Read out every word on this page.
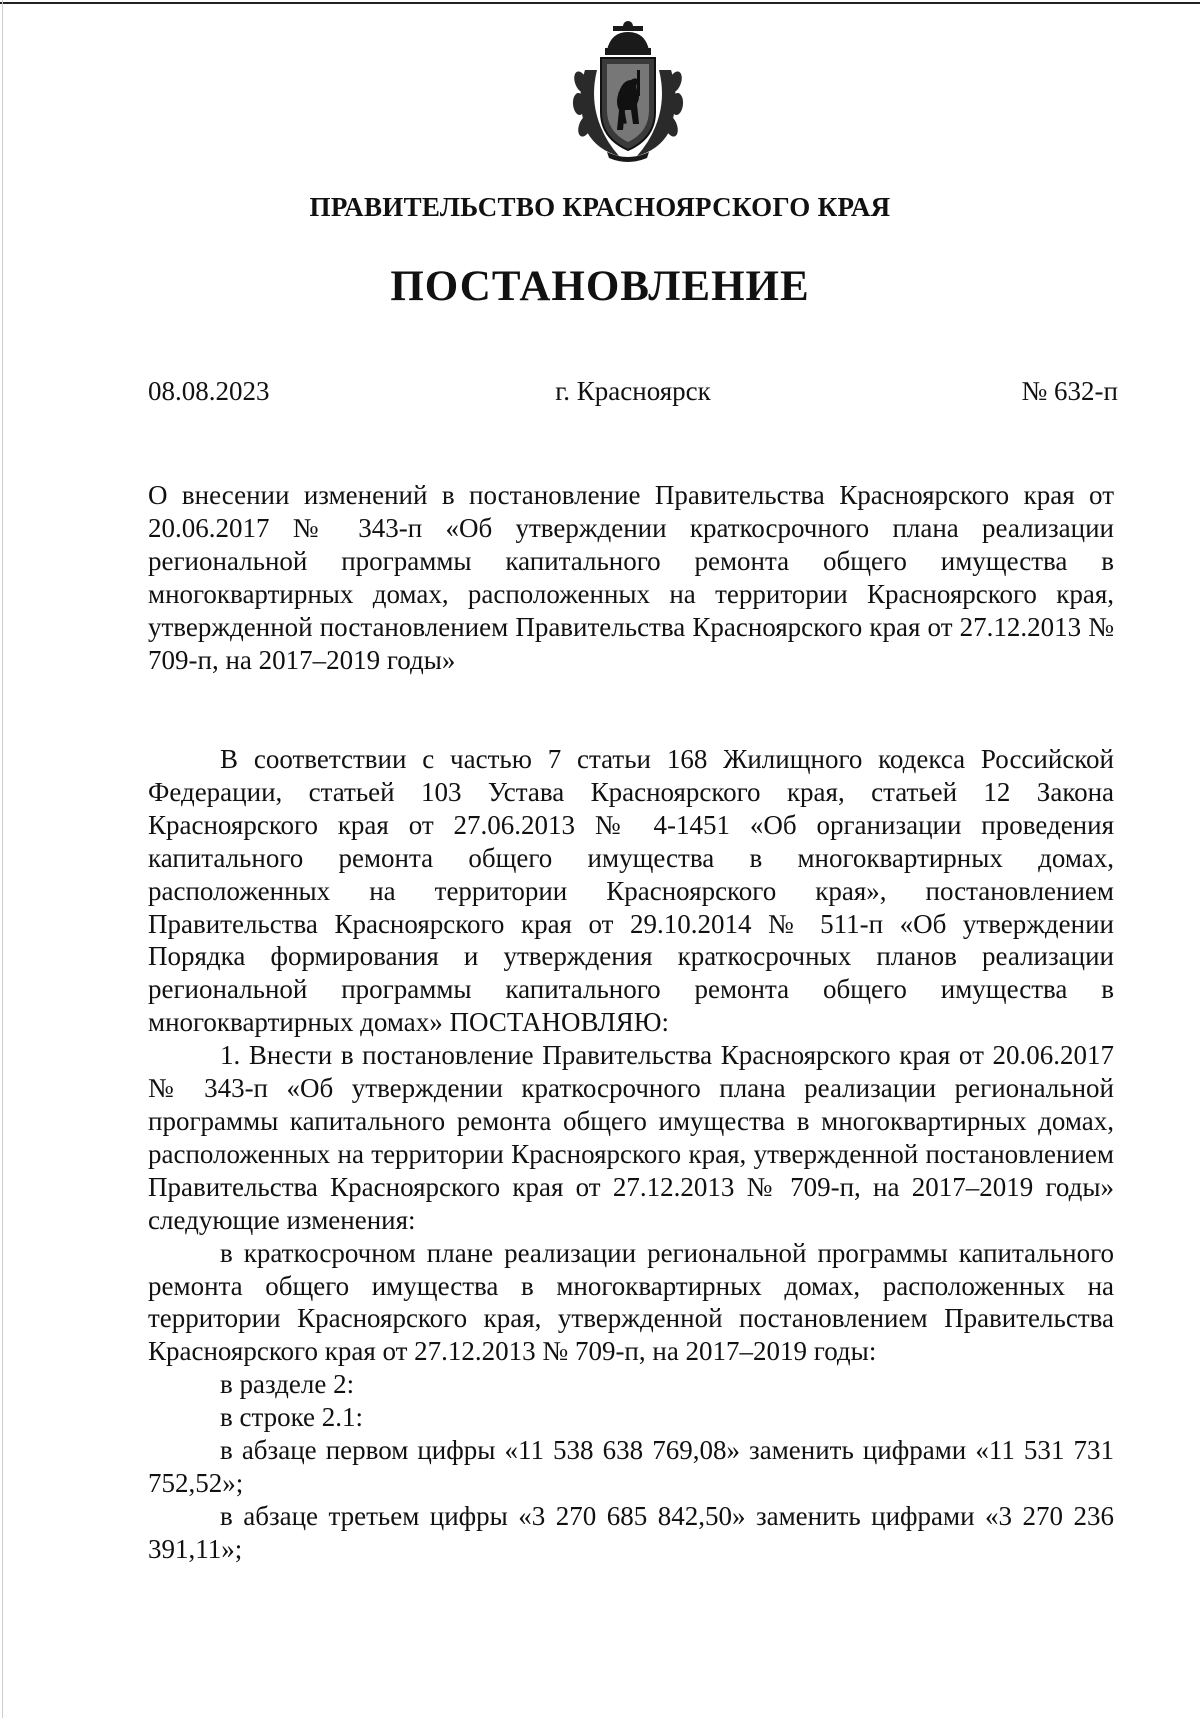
ПРАВИТЕЛЬСТВО КРАСНОЯРСКОГО КРАЯ
ПОСТАНОВЛЕНИЕ
08.08.2023	г. Красноярск	№ 632-п

О внесении изменений в постановление Правительства Красноярского края от 20.06.2017 № 343-п «Об утверждении краткосрочного плана реализации региональной программы капитального ремонта общего имущества в многоквартирных домах, расположенных на территории Красноярского края, утвержденной постановлением Правительства Красноярского края от 27.12.2013 № 709-п, на 2017–2019 годы»

В соответствии с частью 7 статьи 168 Жилищного кодекса Российской Федерации, статьей 103 Устава Красноярского края, статьей 12 Закона Красноярского края от 27.06.2013 № 4-1451 «Об организации проведения капитального ремонта общего имущества в многоквартирных домах, расположенных на территории Красноярского края», постановлением Правительства Красноярского края от 29.10.2014 № 511-п «Об утверждении Порядка формирования и утверждения краткосрочных планов реализации региональной программы капитального ремонта общего имущества в многоквартирных домах» ПОСТАНОВЛЯЮ:

1. Внести в постановление Правительства Красноярского края от 20.06.2017 № 343-п «Об утверждении краткосрочного плана реализации региональной программы капитального ремонта общего имущества в многоквартирных домах, расположенных на территории Красноярского края, утвержденной постановлением Правительства Красноярского края от 27.12.2013 № 709-п, на 2017–2019 годы» следующие изменения:

в краткосрочном плане реализации региональной программы капитального ремонта общего имущества в многоквартирных домах, расположенных на территории Красноярского края, утвержденной постановлением Правительства Красноярского края от 27.12.2013 № 709-п, на 2017–2019 годы:

в разделе 2:

в строке 2.1:

в абзаце первом цифры «11 538 638 769,08» заменить цифрами «11 531 731 752,52»;

в абзаце третьем цифры «3 270 685 842,50» заменить цифрами «3 270 236 391,11»;
